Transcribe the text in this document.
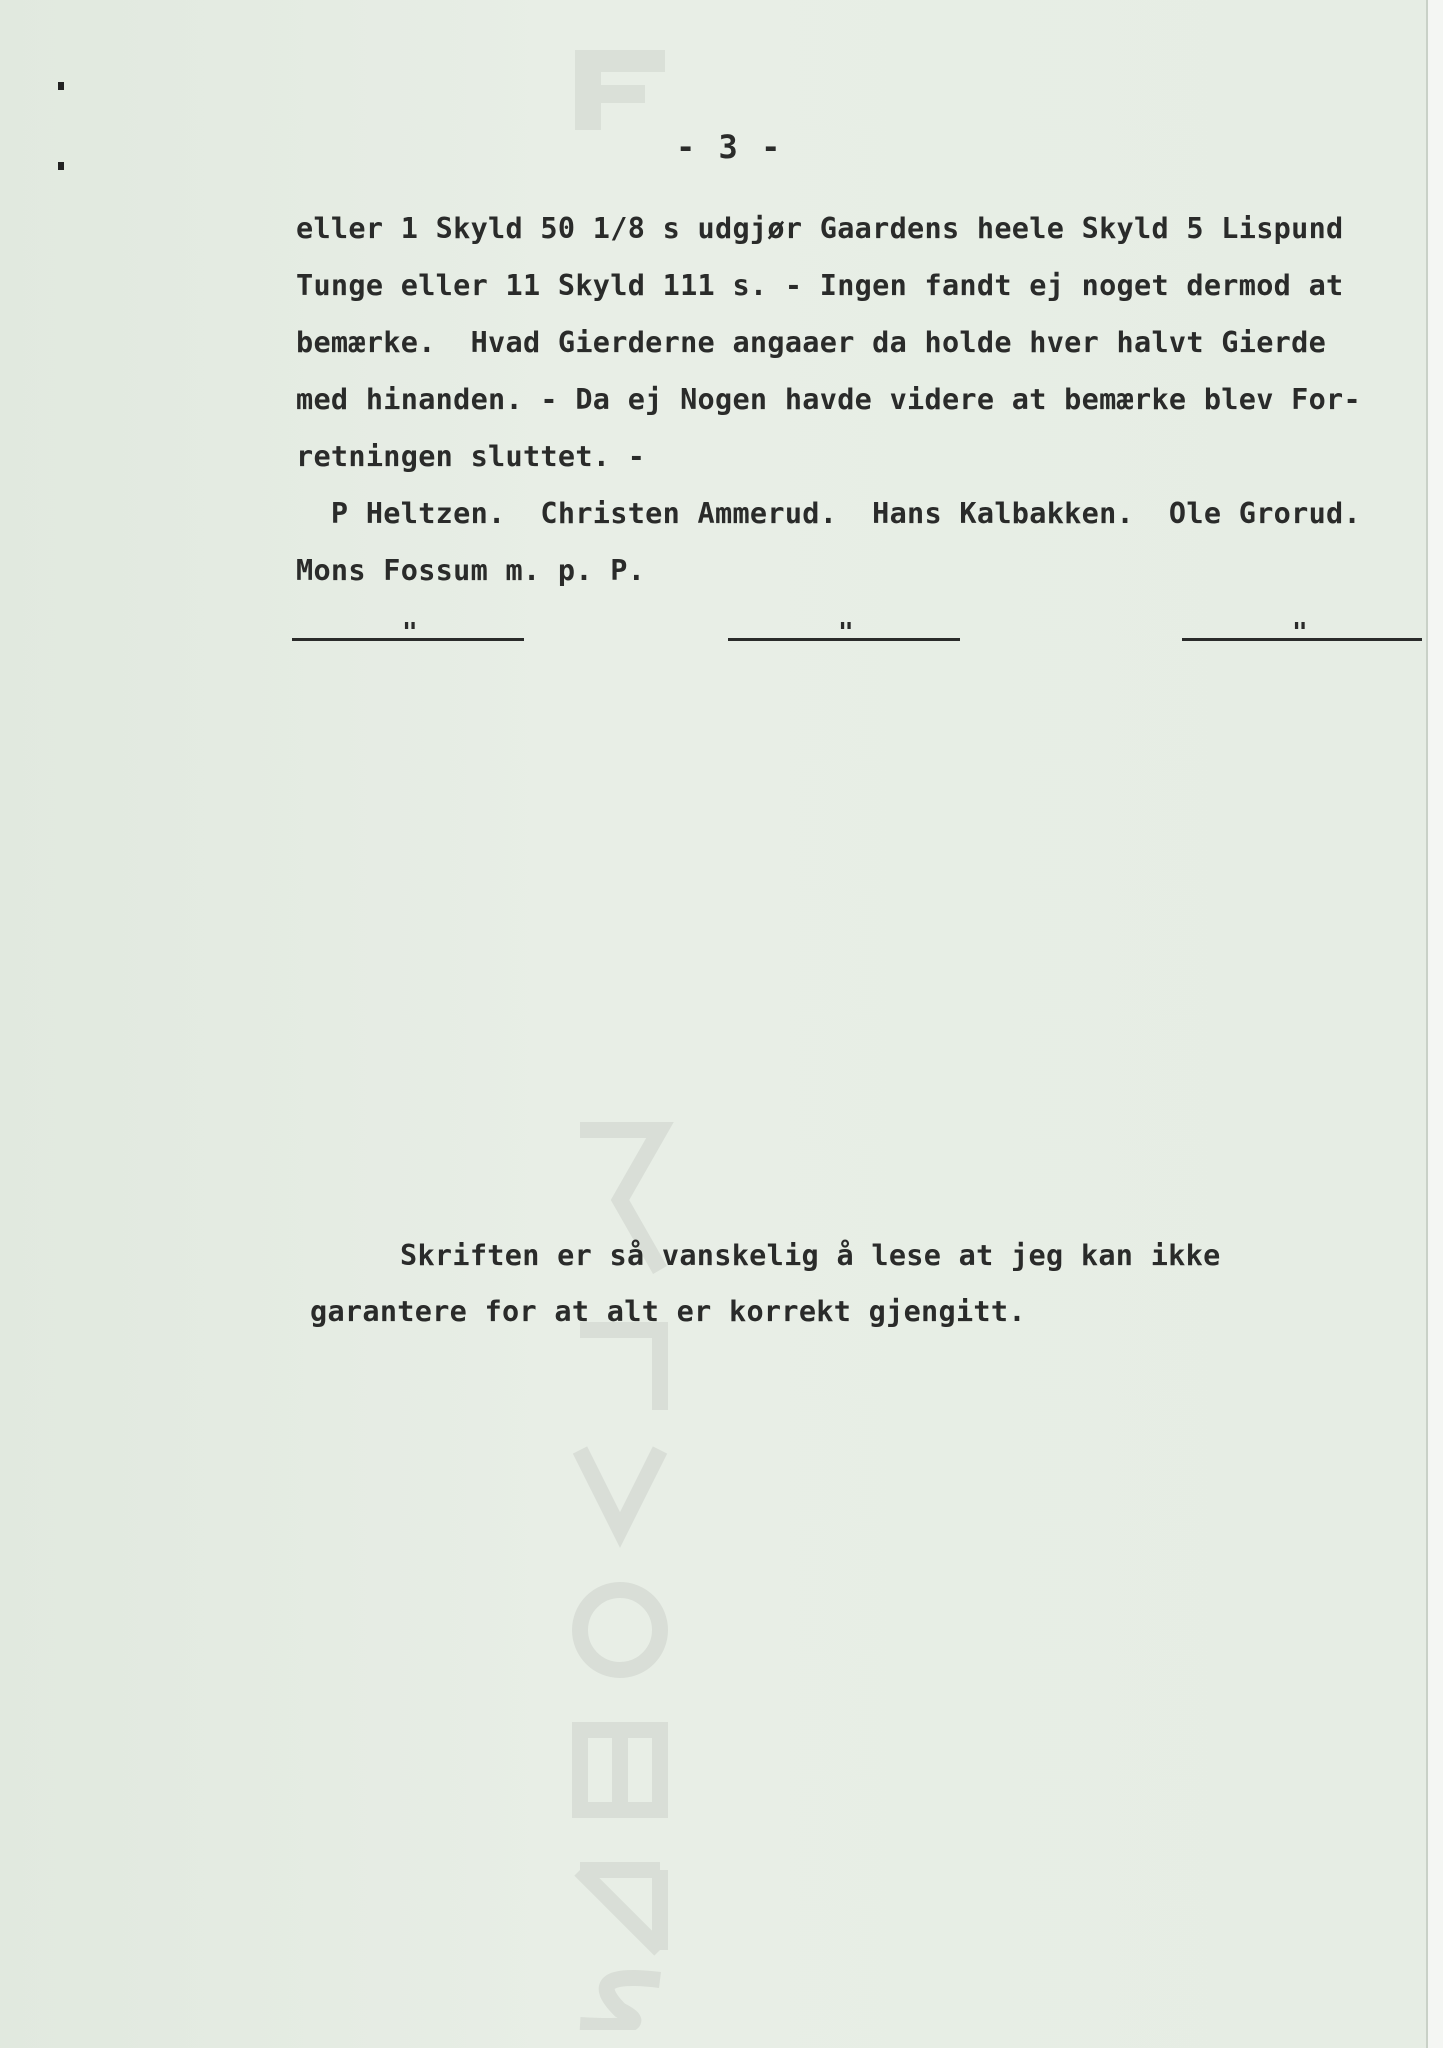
- 3 -
eller 1 Skyld 50 1/8 s udgjør Gaardens heele Skyld 5 Lispund
Tunge eller 11 Skyld 111 s. - Ingen fandt ej noget dermod at
bemærke.  Hvad Gierderne angaaer da holde hver halvt Gierde
med hinanden. - Da ej Nogen havde videre at bemærke blev For-
retningen sluttet. -
P Heltzen.  Christen Ammerud.  Hans Kalbakken.  Ole Grorud.
Mons Fossum m. p. P.
"	"	"
Skriften er så vanskelig å lese at jeg kan ikke
garantere for at alt er korrekt gjengitt.
